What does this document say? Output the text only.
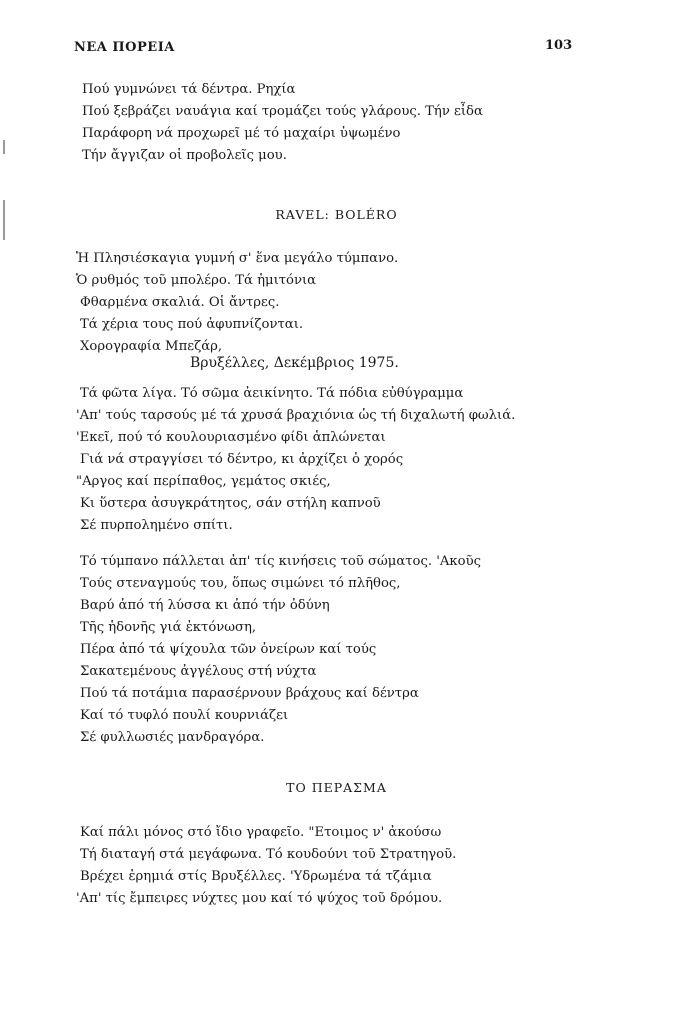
ΝΕΑ ΠΟΡΕΙΑ	103
Πού γυμνώνει τά δέντρα. Ρηχία
Πού ξεβράζει ναυάγια καί τρομάζει τούς γλάρους. Τήν εἶδα
Παράφορη νά προχωρεῖ μέ τό μαχαίρι ὑψωμένο
Τήν ἄγγιζαν οἱ προβολεῖς μου.
RAVEL: BOLÉRO
Ἡ Πλησιέσκαγια γυμνή σ' ἕνα μεγάλο τύμπανο.
Ὁ ρυθμός τοῦ μπολέρο. Τά ἡμιτόνια
Φθαρμένα σκαλιά. Οἱ ἄντρες.
Τά χέρια τους πού ἀφυπνίζονται.
Χορογραφία Μπεζάρ,
Βρυξέλλες, Δεκέμβριος 1975.
Τά φῶτα λίγα. Τό σῶμα ἀεικίνητο. Τά πόδια εὐθύγραμμα
'Απ' τούς ταρσούς μέ τά χρυσά βραχιόνια ὡς τή διχαλωτή φωλιά.
'Εκεῖ, πού τό κουλουριασμένο φίδι ἁπλώνεται
Γιά νά στραγγίσει τό δέντρο, κι ἀρχίζει ὁ χορός
"Αργος καί περίπαθος, γεμάτος σκιές,
Κι ὕστερα ἀσυγκράτητος, σάν στήλη καπνοῦ
Σέ πυρπολημένο σπίτι.
Τό τύμπανο πάλλεται ἀπ' τίς κινήσεις τοῦ σώματος. 'Ακοῦς
Τούς στεναγμούς του, ὅπως σιμώνει τό πλῆθος,
Βαρύ ἀπό τή λύσσα κι ἀπό τήν ὀδύνη
Τῆς ἡδονῆς γιά ἐκτόνωση,
Πέρα ἀπό τά ψίχουλα τῶν ὀνείρων καί τούς
Σακατεμένους ἀγγέλους στή νύχτα
Πού τά ποτάμια παρασέρνουν βράχους καί δέντρα
Καί τό τυφλό πουλί κουρνιάζει
Σέ φυλλωσιές μανδραγόρα.
ΤΟ ΠΕΡΑΣΜΑ
Καί πάλι μόνος στό ἴδιο γραφεῖο. "Ετοιμος ν' ἀκούσω
Τή διαταγή στά μεγάφωνα. Τό κουδούνι τοῦ Στρατηγοῦ.
Βρέχει ἐρημιά στίς Βρυξέλλες. 'Υδρωμένα τά τζάμια
'Απ' τίς ἔμπειρες νύχτες μου καί τό ψύχος τοῦ δρόμου.
